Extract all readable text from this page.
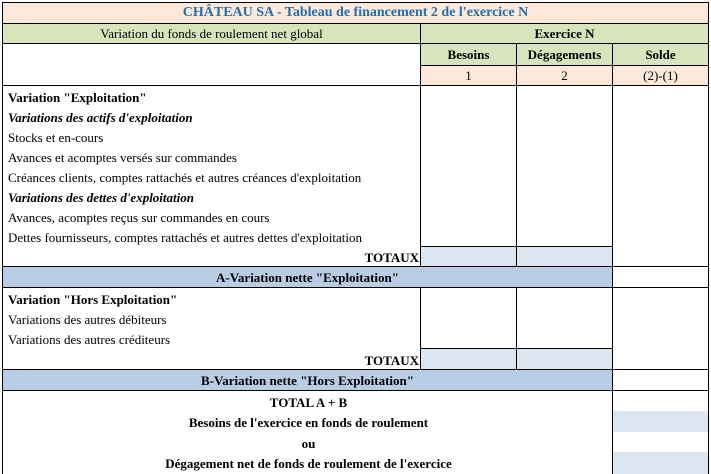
CHÂTEAU SA - Tableau de financement 2 de l'exercice N
Variation du fonds de roulement net global	Exercice N
Besoins	Dégagements	Solde
1	2	(2)-(1)
Variation "Exploitation"
Variations des actifs d'exploitation
Stocks et en-cours
Avances et acomptes versés sur commandes
Créances clients, comptes rattachés et autres créances d'exploitation
Variations des dettes d'exploitation
Avances, acomptes reçus sur commandes en cours
Dettes fournisseurs, comptes rattachés et autres dettes d'exploitation
TOTAUX
A-Variation nette "Exploitation"
Variation "Hors Exploitation"
Variations des autres débiteurs
Variations des autres créditeurs
TOTAUX
B-Variation nette "Hors Exploitation"
TOTAL A + B
Besoins de l'exercice en fonds de roulement
ou
Dégagement net de fonds de roulement de l'exercice
